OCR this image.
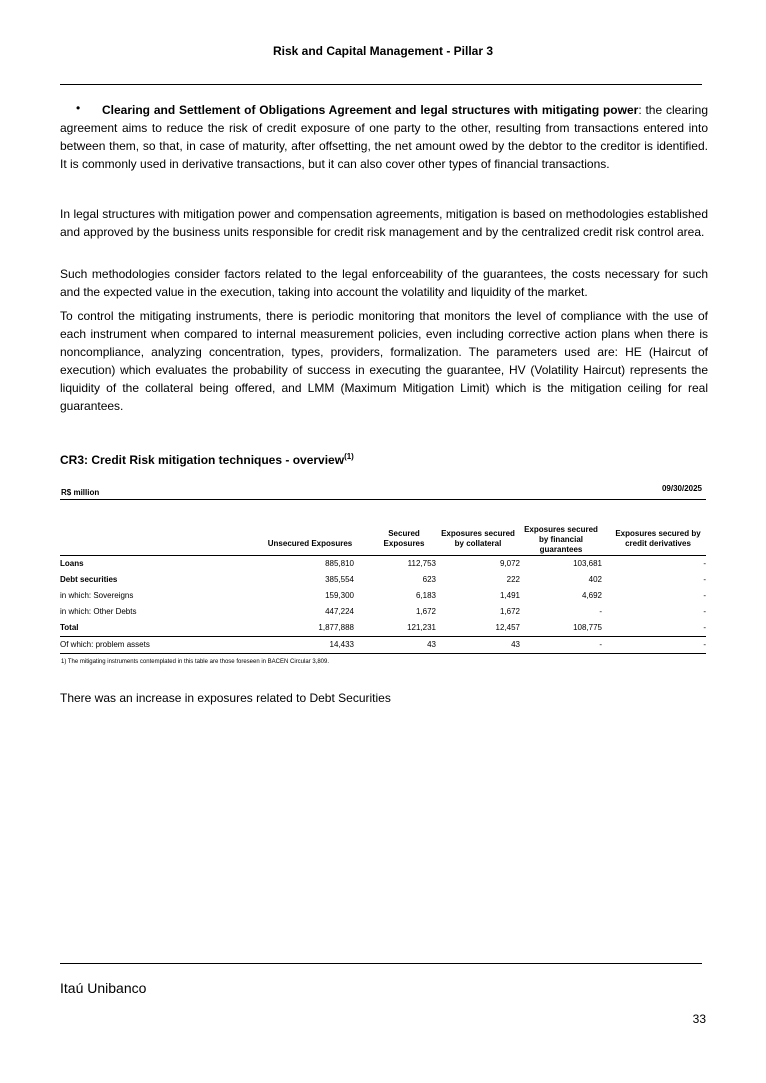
Risk and Capital Management - Pillar 3
•	Clearing and Settlement of Obligations Agreement and legal structures with mitigating power: the clearing agreement aims to reduce the risk of credit exposure of one party to the other, resulting from transactions entered into between them, so that, in case of maturity, after offsetting, the net amount owed by the debtor to the creditor is identified. It is commonly used in derivative transactions, but it can also cover other types of financial transactions.
In legal structures with mitigation power and compensation agreements, mitigation is based on methodologies established and approved by the business units responsible for credit risk management and by the centralized credit risk control area.
Such methodologies consider factors related to the legal enforceability of the guarantees, the costs necessary for such and the expected value in the execution, taking into account the volatility and liquidity of the market.
To control the mitigating instruments, there is periodic monitoring that monitors the level of compliance with the use of each instrument when compared to internal measurement policies, even including corrective action plans when there is noncompliance, analyzing concentration, types, providers, formalization. The parameters used are: HE (Haircut of execution) which evaluates the probability of success in executing the guarantee, HV (Volatility Haircut) represents the liquidity of the collateral being offered, and LMM (Maximum Mitigation Limit) which is the mitigation ceiling for real guarantees.
CR3: Credit Risk mitigation techniques - overview$^{(1)}$
09/30/2025
R$ million
	Unsecured Exposures	Secured Exposures	Exposures secured by collateral	Exposures secured by financial guarantees	Exposures secured by credit derivatives
Loans	885,810	112,753	9,072	103,681	-
Debt securities	385,554	623	222	402	-
in which: Sovereigns	159,300	6,183	1,491	4,692	-
in which: Other Debts	447,224	1,672	1,672	-	-
Total	1,877,888	121,231	12,457	108,775	-
Of which: problem assets	14,433	43	43	-	-
1) The mitigating instruments contemplated in this table are those foreseen in BACEN Circular 3,809.
There was an increase in exposures related to Debt Securities
Itaú Unibanco
33
